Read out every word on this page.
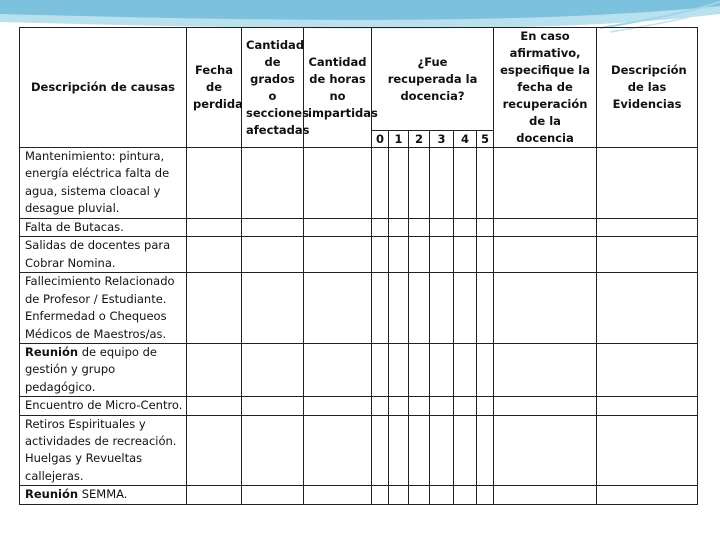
Descripción de causas	Fecha de perdida	Cantidad de grados o secciones afectadas	Cantidad de horas no impartidas	¿Fue recuperada la docencia?						En caso afirmativo, especifique la fecha de recuperación de la docencia	Descripción de las Evidencias
				0	1	2	3	4	5		
Mantenimiento: pintura, energía eléctrica falta de agua, sistema cloacal y desague pluvial.											
Falta de Butacas.											
Salidas de docentes para Cobrar Nomina.											
Fallecimiento Relacionado de Profesor / Estudiante. Enfermedad o Chequeos Médicos de Maestros/as.											
Reunión de equipo de gestión y grupo pedagógico.											
Encuentro de Micro-Centro.											
Retiros Espirituales y actividades de recreación. Huelgas y Revueltas callejeras.											
Reunión SEMMA.											
